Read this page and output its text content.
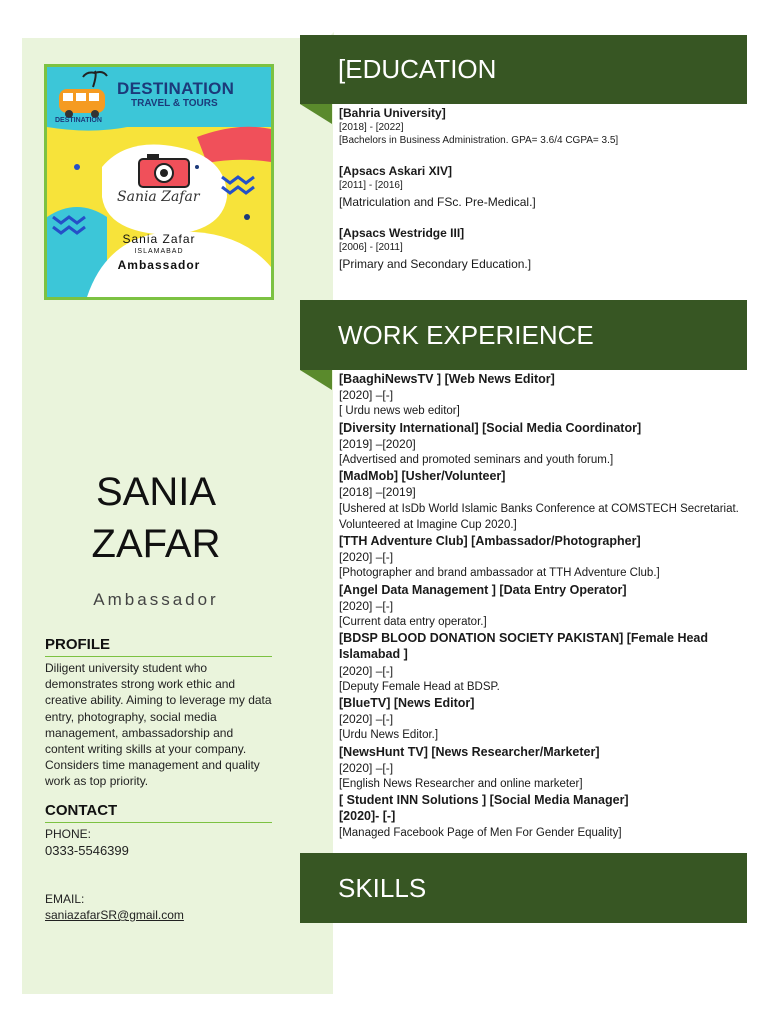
DESTINATION
TRAVEL & TOURS
DESTINATION
Sania Zafar
Sania Zafar
ISLAMABAD
Ambassador
SANIA
ZAFAR
Ambassador
PROFILE
Diligent university student who demonstrates strong work ethic and creative ability. Aiming to leverage my data entry, photography, social media management, ambassadorship and content writing skills at your company. Considers time management and quality work as top priority.
CONTACT
PHONE:
0333-5546399
EMAIL:
saniazafarSR@gmail.com
[EDUCATION
[Bahria University]
[2018] - [2022]
[Bachelors in Business Administration. GPA= 3.6/4 CGPA= 3.5]
[Apsacs Askari XIV]
[2011] - [2016]
[Matriculation and FSc. Pre-Medical.]
[Apsacs Westridge III]
[2006] - [2011]
[Primary and Secondary Education.]
WORK EXPERIENCE
[BaaghiNewsTV ] [Web News Editor]
[2020] –[-]
[ Urdu news web editor]
[Diversity International] [Social Media Coordinator]
[2019] –[2020]
[Advertised and promoted seminars and youth forum.]
[MadMob] [Usher/Volunteer]
[2018] –[2019]
[Ushered at IsDb World Islamic Banks Conference at COMSTECH Secretariat. Volunteered at Imagine Cup 2020.]
[TTH Adventure Club] [Ambassador/Photographer]
[2020] –[-]
[Photographer and brand ambassador at TTH Adventure Club.]
[Angel Data Management ] [Data Entry Operator]
[2020] –[-]
[Current data entry operator.]
[BDSP BLOOD DONATION SOCIETY PAKISTAN] [Female Head Islamabad ]
[2020] –[-]
[Deputy Female Head at BDSP.
[BlueTV] [News Editor]
[2020] –[-]
[Urdu News Editor.]
[NewsHunt TV] [News Researcher/Marketer]
[2020] –[-]
[English News Researcher and online marketer]
[ Student INN Solutions ] [Social Media Manager]
[2020]- [-]
[Managed Facebook Page of Men For Gender Equality]
SKILLS
